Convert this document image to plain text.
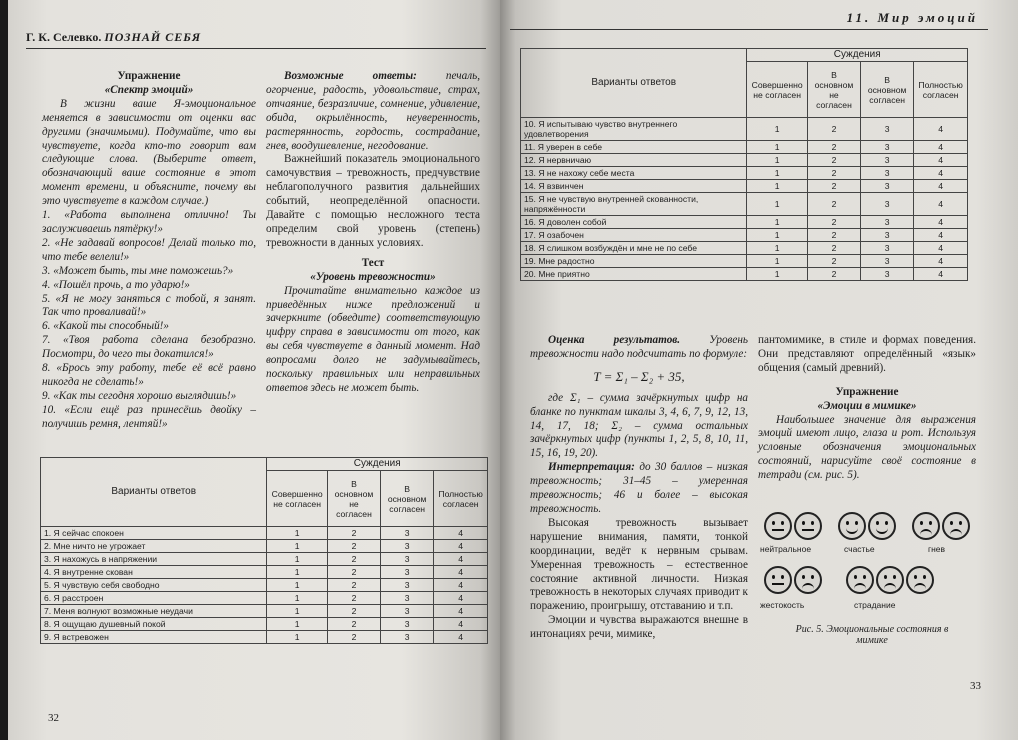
Г. К. Селевко. ПОЗНАЙ СЕБЯ

Упражнение

«Спектр эмоций»

В жизни ваше Я-эмоциональное меняется в зависимости от оценки вас другими (значимыми). Подумайте, что вы чувствуете, когда кто-то говорит вам следующие слова. (Выберите ответ, обозначающий ваше состояние в этот момент времени, и объясните, почему вы это чувствуете в каждом случае.)

1. «Работа выполнена отлично! Ты заслуживаешь пятёрку!»

2. «Не задавай вопросов! Делай только то, что тебе велели!»

3. «Может быть, ты мне поможешь?»

4. «Пошёл прочь, а то ударю!»

5. «Я не могу заняться с тобой, я занят. Так что проваливай!»

6. «Какой ты способный!»

7. «Твоя работа сделана безобразно. Посмотри, до чего ты докатился!»

8. «Брось эту работу, тебе её всё равно никогда не сделать!»

9. «Как ты сегодня хорошо выглядишь!»

10. «Если ещё раз принесёшь двойку – получишь ремня, лентяй!»

Возможные ответы:	печаль, огорчение, радость, удовольствие, страх, отчаяние, безразличие, сомнение, удивление, обида, окрылённость, неуверенность, растерянность, гордость, сострадание, гнев, воодушевление, негодование.

Важнейший показатель эмоционального самочувствия – тревожность, предчувствие неблагополучного развития дальнейших событий, неопределённой опасности. Давайте с помощью несложного теста определим свой уровень (степень) тревожности в данных условиях.

Тест

«Уровень тревожности»

Прочитайте внимательно каждое из приведённых ниже предложений и зачеркните (обведите) соответствующую цифру справа в зависимости от того, как вы себя чувствуете в данный момент. Над вопросами долго не задумывайтесь, поскольку правильных или неправильных ответов здесь не может быть.

Варианты ответов	Суждения			
	Совершенно не согласен	В основном не согласен	В основном согласен	Полностью согласен
1. Я сейчас спокоен	1	2	3	4
2. Мне ничто не угрожает	1	2	3	4
3. Я нахожусь в напряжении	1	2	3	4
4. Я внутренне скован	1	2	3	4
5. Я чувствую себя свободно	1	2	3	4
6. Я расстроен	1	2	3	4
7. Меня волнуют возможные неудачи	1	2	3	4
8. Я ощущаю душевный покой	1	2	3	4
9. Я встревожен	1	2	3	4
32
11. Мир эмоций
Варианты ответов	Суждения			
	Совершенно не согласен	В основном не согласен	В основном согласен	Полностью согласен
10. Я испытываю чувство внутреннего удовлетворения	1	2	3	4
11. Я уверен в себе	1	2	3	4
12. Я нервничаю	1	2	3	4
13. Я не нахожу себе места	1	2	3	4
14. Я взвинчен	1	2	3	4
15. Я не чувствую внутренней скованности, напряжённости	1	2	3	4
16. Я доволен собой	1	2	3	4
17. Я озабочен	1	2	3	4
18. Я слишком возбуждён и мне не по себе	1	2	3	4
19. Мне радостно	1	2	3	4
20. Мне приятно	1	2	3	4

Оценка результатов.	Уровень тревожности надо подсчитать по формуле:

T = Σ₁ – Σ₂ + 35,

где Σ₁ – сумма зачёркнутых цифр на бланке по пунктам шкалы 3, 4, 6, 7, 9, 12, 13, 14, 17, 18; Σ₂ – сумма остальных зачёркнутых цифр (пункты 1, 2, 5, 8, 10, 11, 15, 16, 19, 20).

Интерпретация: до 30 баллов – низкая тревожность; 31–45 – умеренная тревожность; 46 и более – высокая тревожность.

Высокая тревожность вызывает нарушение внимания, памяти, тонкой координации, ведёт к нервным срывам. Умеренная тревожность – естественное состояние активной личности. Низкая тревожность в некоторых случаях приводит к поражению, проигрышу, отставанию и т.п.

Эмоции и чувства выражаются внешне в интонациях речи, мимике,

пантомимике, в стиле и формах поведения. Они представляют определённый «язык» общения (самый древний).

Упражнение

«Эмоции в мимике»

Наибольшее значение для выражения эмоций имеют лицо, глаза и рот. Используя условные обозначения эмоциональных состояний, нарисуйте своё состояние в тетради (см. рис. 5).

нейтральное	счастье	гнев
жестокость	страдание
Рис. 5. Эмоциональные состояния в мимике
33
